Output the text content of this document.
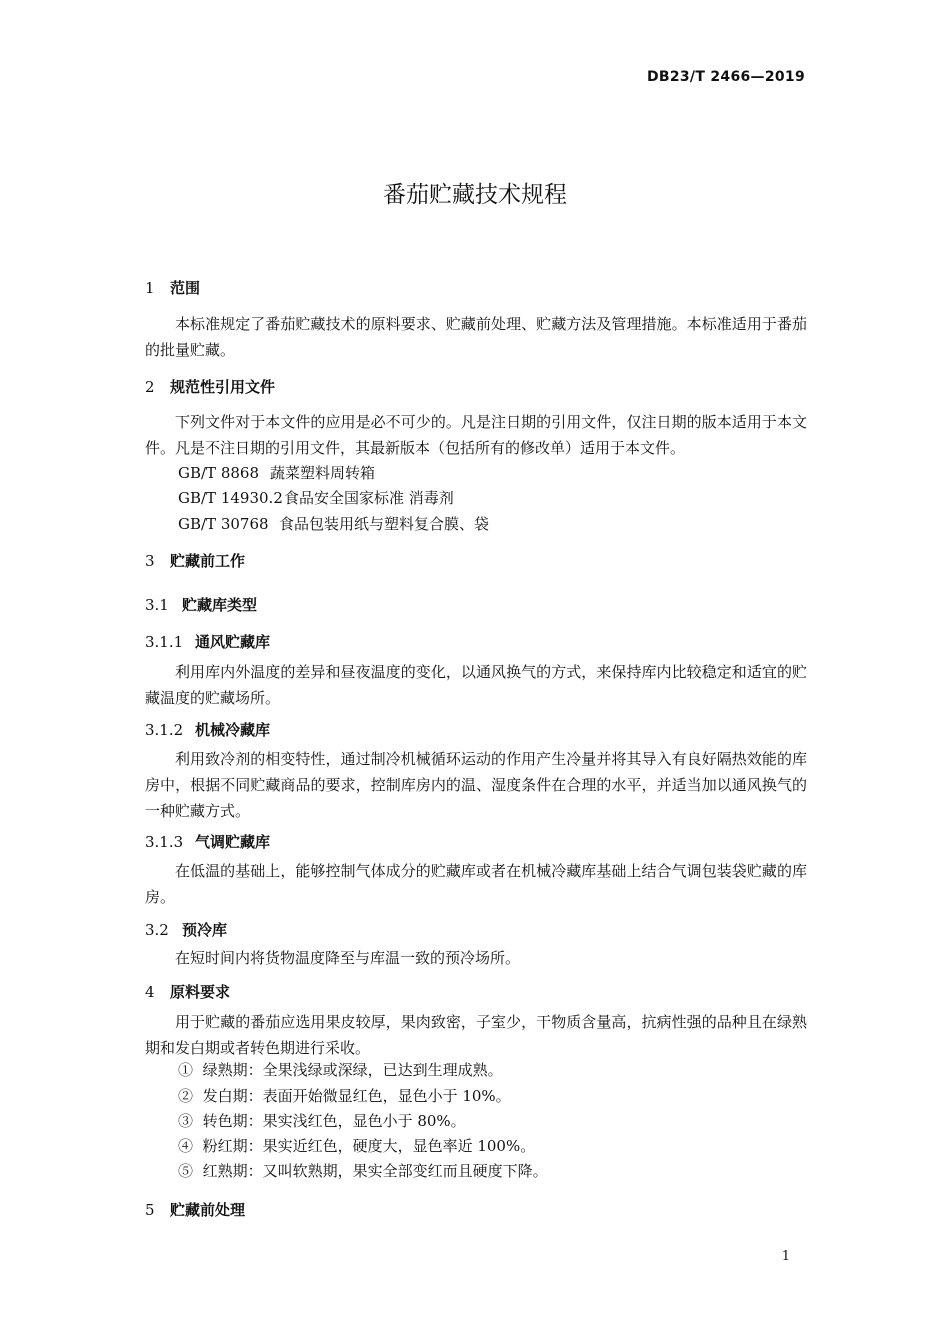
DB23/T 2466—2019
番茄贮藏技术规程
1 范围
本标准规定了番茄贮藏技术的原料要求、贮藏前处理、贮藏方法及管理措施。本标准适用于番茄的批量贮藏。
2 规范性引用文件
下列文件对于本文件的应用是必不可少的。凡是注日期的引用文件，仅注日期的版本适用于本文件。凡是不注日期的引用文件，其最新版本（包括所有的修改单）适用于本文件。
GB/T 8868 蔬菜塑料周转箱
GB/T 14930.2食品安全国家标准 消毒剂
GB/T 30768 食品包装用纸与塑料复合膜、袋
3 贮藏前工作
3.1 贮藏库类型
3.1.1 通风贮藏库
利用库内外温度的差异和昼夜温度的变化，以通风换气的方式，来保持库内比较稳定和适宜的贮藏温度的贮藏场所。
3.1.2 机械冷藏库
利用致冷剂的相变特性，通过制冷机械循环运动的作用产生冷量并将其导入有良好隔热效能的库房中，根据不同贮藏商品的要求，控制库房内的温、湿度条件在合理的水平，并适当加以通风换气的一种贮藏方式。
3.1.3 气调贮藏库
在低温的基础上，能够控制气体成分的贮藏库或者在机械冷藏库基础上结合气调包装袋贮藏的库房。
3.2 预冷库
在短时间内将货物温度降至与库温一致的预冷场所。
4 原料要求
用于贮藏的番茄应选用果皮较厚，果肉致密，子室少，干物质含量高，抗病性强的品种且在绿熟期和发白期或者转色期进行采收。
① 绿熟期：全果浅绿或深绿，已达到生理成熟。
② 发白期：表面开始微显红色，显色小于 10%。
③ 转色期：果实浅红色，显色小于 80%。
④ 粉红期：果实近红色，硬度大，显色率近 100%。
⑤ 红熟期：又叫软熟期，果实全部变红而且硬度下降。
5 贮藏前处理
1
